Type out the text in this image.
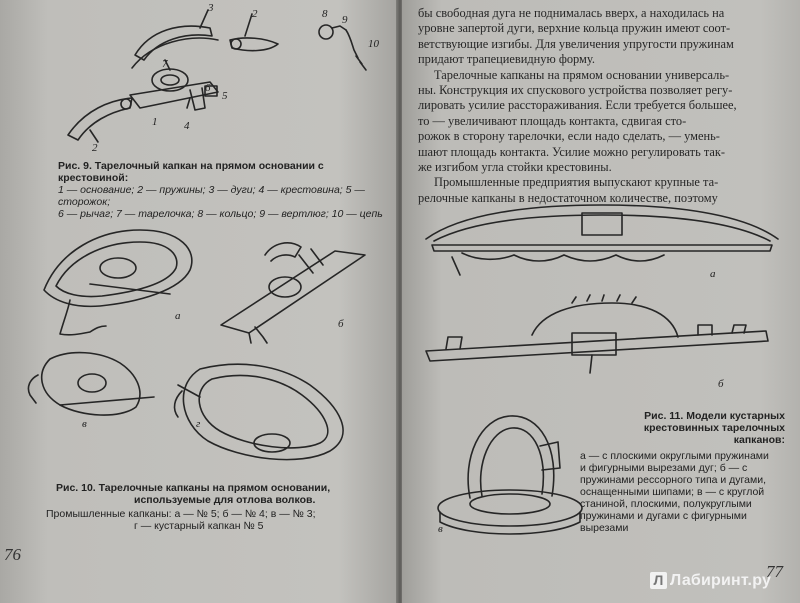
3	2	8 9
10
7
6
5
1 4
2
Рис. 9. Тарелочный капкан на прямом основании с крестовиной:
1 — основание; 2 — пружины; 3 — дуги; 4 — крестовина; 5 — сторожок;
6 — рычаг; 7 — тарелочка; 8 — кольцо; 9 — вертлюг; 10 — цепь
а
б
в	г
Рис. 10. Тарелочные капканы на прямом основании,
используемые для отлова волков.
Промышленные капканы: а — № 5; б — № 4; в — № 3;
г — кустарный капкан № 5
76

бы свободная дуга не поднималась вверх, а находилась на

уровне запертой дуги, верхние кольца пружин имеют соот-

ветствующие изгибы. Для увеличения упругости пружинам

придают трапециевидную форму.

Тарелочные капканы на прямом основании универсаль-

ны. Конструкция их спускового устройства позволяет регу-

лировать усилие расстораживания. Если требуется большее,

то — увеличивают площадь контакта, сдвигая сто-

рожок в сторону тарелочки, если надо сделать, — умень-

шают площадь контакта. Усилие можно регулировать так-

же изгибом угла стойки крестовины.

Промышленные предприятия выпускают крупные та-

релочные капканы в недостаточном количестве, поэтому

а
б
в
Рис. 11. Модели кустарных
крестовинных тарелочных
капканов:
а — с плоскими округлыми пружинами
и фигурными вырезами дуг; б — с
пружинами рессорного типа и дугами,
оснащенными шипами; в — с круглой
станиной, плоскими, полукруглыми
пружинами и дугами с фигурными
вырезами
77
Л Лабиринт.ру
